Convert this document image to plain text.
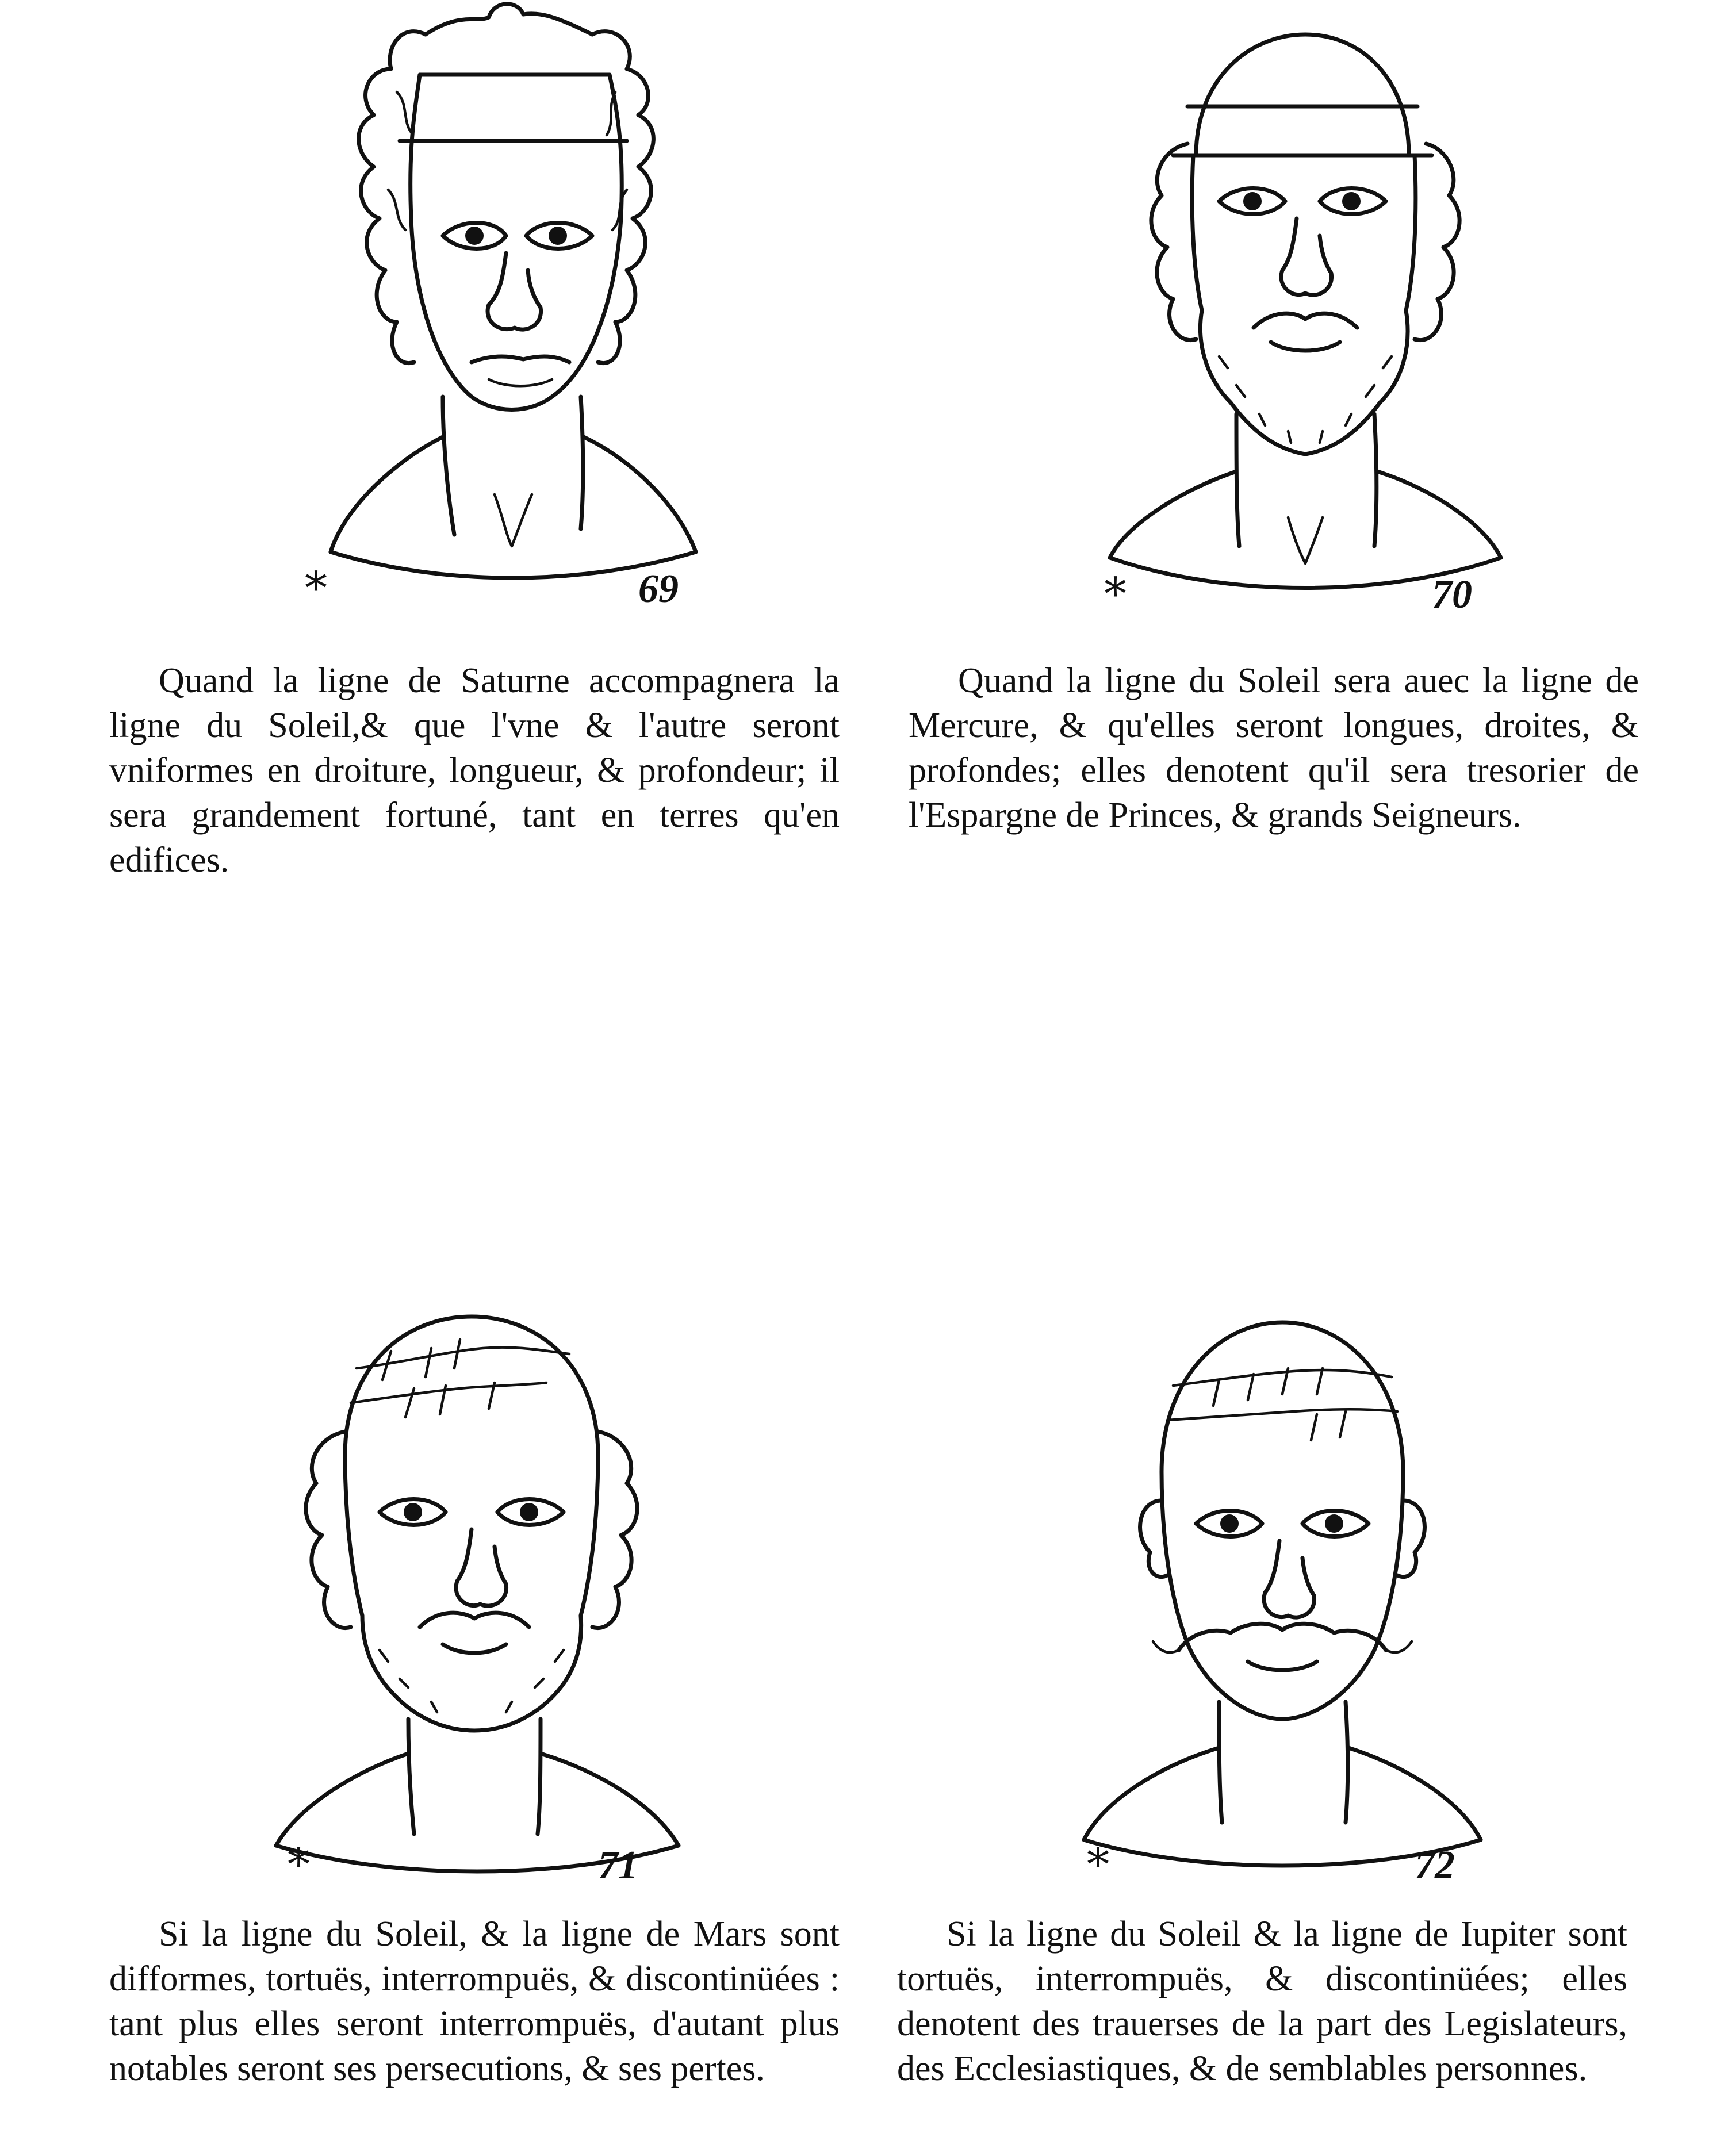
*	69
Quand la ligne de Saturne accompagnera la ligne du Soleil,& que l'vne & l'autre seront vniformes en droiture, longueur, & profondeur; il sera grandement fortuné, tant en terres qu'en edifices.
*	70
Quand la ligne du Soleil sera auec la ligne de Mercure, & qu'elles seront longues, droites, & profondes; elles denotent qu'il sera tresorier de l'Espargne de Princes, & grands Seigneurs.
*	71
Si la ligne du Soleil, & la ligne de Mars sont difformes, tortuës, interrompuës, & discontinüées : tant plus elles seront interrompuës, d'autant plus notables seront ses persecutions, & ses pertes.
*	72
Si la ligne du Soleil & la ligne de Iupiter sont tortuës, interrompuës, & discontinüées; elles denotent des trauerses de la part des Legislateurs, des Ecclesiastiques, & de semblables personnes.
